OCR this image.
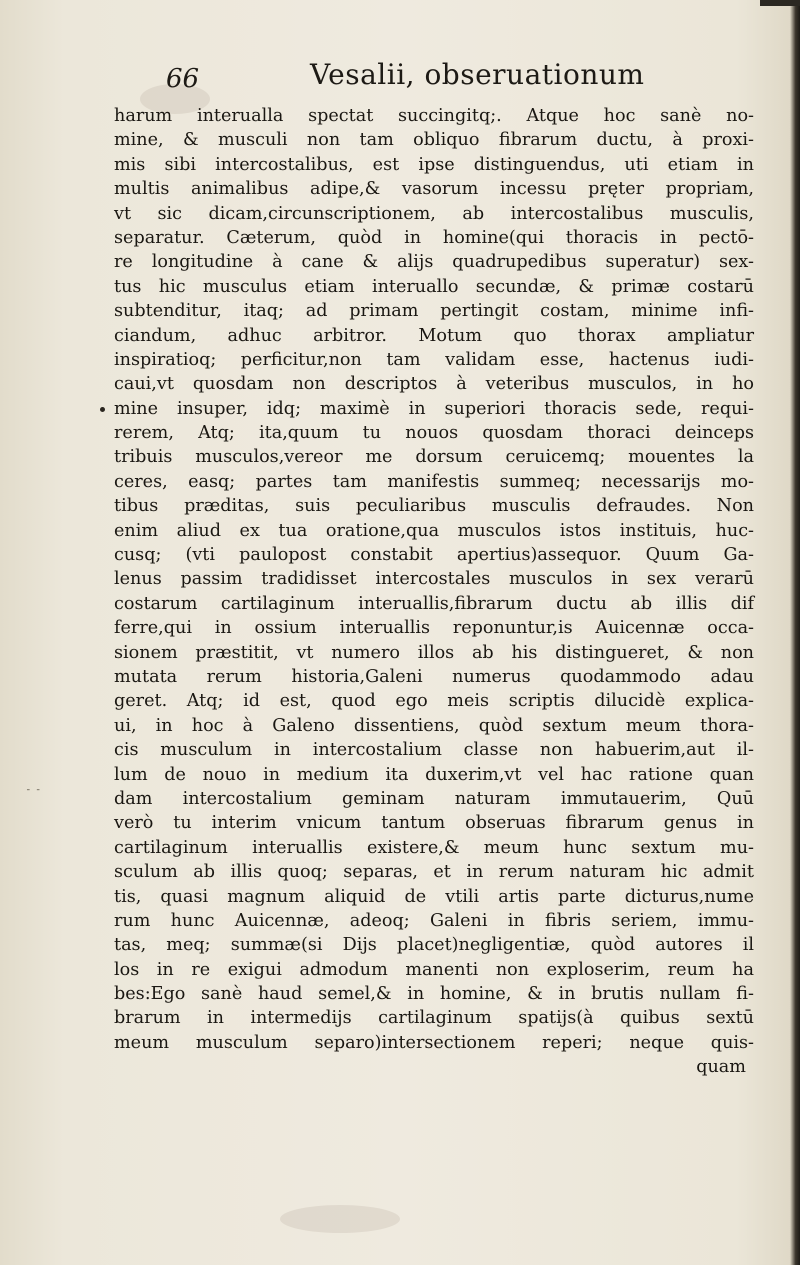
66	Vesalii, obseruationum
⁃ ⁃
harum interualla spectat succingitq;. Atque hoc sanè no-
mine, & musculi non tam obliquo fibrarum ductu, à proxi-
mis sibi intercostalibus, est ipse distinguendus, uti etiam in
multis animalibus adipe,& vasorum incessu pręter propriam,
vt sic dicam,circunscriptionem, ab intercostalibus musculis,
separatur. Cæterum, quòd in homine(qui thoracis in pectō-
re longitudine à cane & alijs quadrupedibus superatur) sex-
tus hic musculus etiam interuallo secundæ, & primæ costarū
subtenditur, itaq; ad primam pertingit costam, minime infi-
ciandum, adhuc arbitror. Motum quo thorax ampliatur
inspiratioq; perficitur,non tam validam esse, hactenus iudi-
caui,vt quosdam non descriptos à veteribus musculos, in ho
mine insuper, idq; maximè in superiori thoracis sede, requi-
rerem, Atq; ita,quum tu nouos quosdam thoraci deinceps
tribuis musculos,vereor me dorsum ceruicemq; mouentes la
ceres, easq; partes tam manifestis summeq; necessarijs mo-
tibus præditas, suis peculiaribus musculis defraudes. Non
enim aliud ex tua oratione,qua musculos istos instituis, huc-
cusq; (vti paulopost constabit apertius)assequor. Quum Ga-
lenus passim tradidisset intercostales musculos in sex verarū
costarum cartilaginum interuallis,fibrarum ductu ab illis dif
ferre,qui in ossium interuallis reponuntur,is Auicennæ occa-
sionem præstitit, vt numero illos ab his distingueret, & non
mutata rerum historia,Galeni numerus quodammodo adau
geret. Atq; id est, quod ego meis scriptis dilucidè explica-
ui, in hoc à Galeno dissentiens, quòd sextum meum thora-
cis musculum in intercostalium classe non habuerim,aut il-
lum de nouo in medium ita duxerim,vt vel hac ratione quan
dam intercostalium geminam naturam immutauerim, Quū
verò tu interim vnicum tantum obseruas fibrarum genus in
cartilaginum interuallis existere,& meum hunc sextum mu-
sculum ab illis quoq; separas, et in rerum naturam hic admit
tis, quasi magnum aliquid de vtili artis parte dicturus,nume
rum hunc Auicennæ, adeoq; Galeni in fibris seriem, immu-
tas, meq; summæ(si Dijs placet)negligentiæ, quòd autores il
los in re exigui admodum manenti non exploserim, reum ha
bes:Ego sanè haud semel,& in homine, & in brutis nullam fi-
brarum in intermedijs cartilaginum spatijs(à quibus sextū
meum musculum separo)intersectionem reperi; neque quis-
quam
